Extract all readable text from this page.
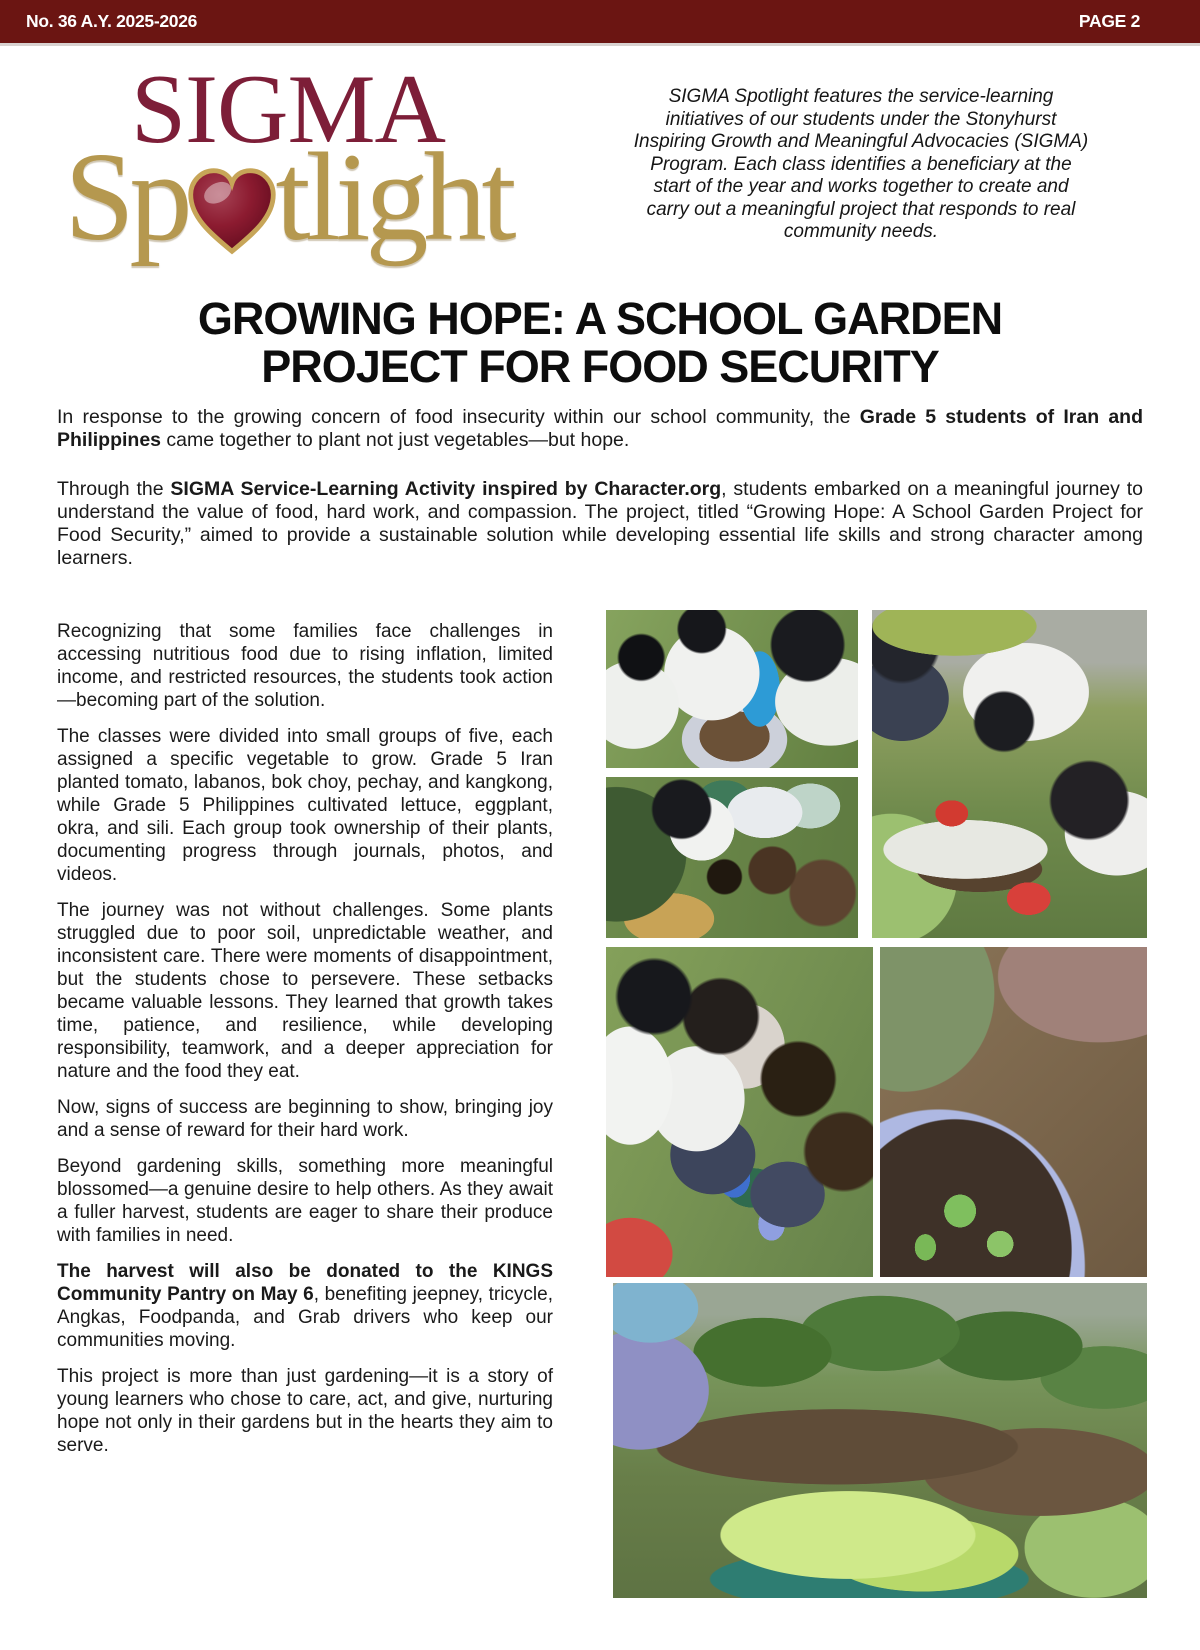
No. 36 A.Y. 2025-2026	PAGE 2
SIGMA
Sp tlight
SIGMA Spotlight features the service-learning initiatives of our students under the Stonyhurst Inspiring Growth and Meaningful Advocacies (SIGMA) Program. Each class identifies a beneficiary at the start of the year and works together to create and carry out a meaningful project that responds to real community needs.
GROWING HOPE: A SCHOOL GARDEN
PROJECT FOR FOOD SECURITY

In response to the growing concern of food insecurity within our school community, the Grade 5 students of Iran and Philippines came together to plant not just vegetables—but hope.

Through the SIGMA Service-Learning Activity inspired by Character.org, students embarked on a meaningful journey to understand the value of food, hard work, and compassion. The project, titled “Growing Hope: A School Garden Project for Food Security,” aimed to provide a sustainable solution while developing essential life skills and strong character among learners.

Recognizing that some families face challenges in accessing nutritious food due to rising inflation, limited income, and restricted resources, the students took action—becoming part of the solution.

The classes were divided into small groups of five, each assigned a specific vegetable to grow. Grade 5 Iran planted tomato, labanos, bok choy, pechay, and kangkong, while Grade 5 Philippines cultivated lettuce, eggplant, okra, and sili. Each group took ownership of their plants, documenting progress through journals, photos, and videos.

The journey was not without challenges. Some plants struggled due to poor soil, unpredictable weather, and inconsistent care. There were moments of disappointment, but the students chose to persevere. These setbacks became valuable lessons. They learned that growth takes time, patience, and resilience, while developing responsibility, teamwork, and a deeper appreciation for nature and the food they eat.

Now, signs of success are beginning to show, bringing joy and a sense of reward for their hard work.

Beyond gardening skills, something more meaningful blossomed—a genuine desire to help others. As they await a fuller harvest, students are eager to share their produce with families in need.

The harvest will also be donated to the KINGS Community Pantry on May 6, benefiting jeepney, tricycle, Angkas, Foodpanda, and Grab drivers who keep our communities moving.

This project is more than just gardening—it is a story of young learners who chose to care, act, and give, nurturing hope not only in their gardens but in the hearts they aim to serve.
